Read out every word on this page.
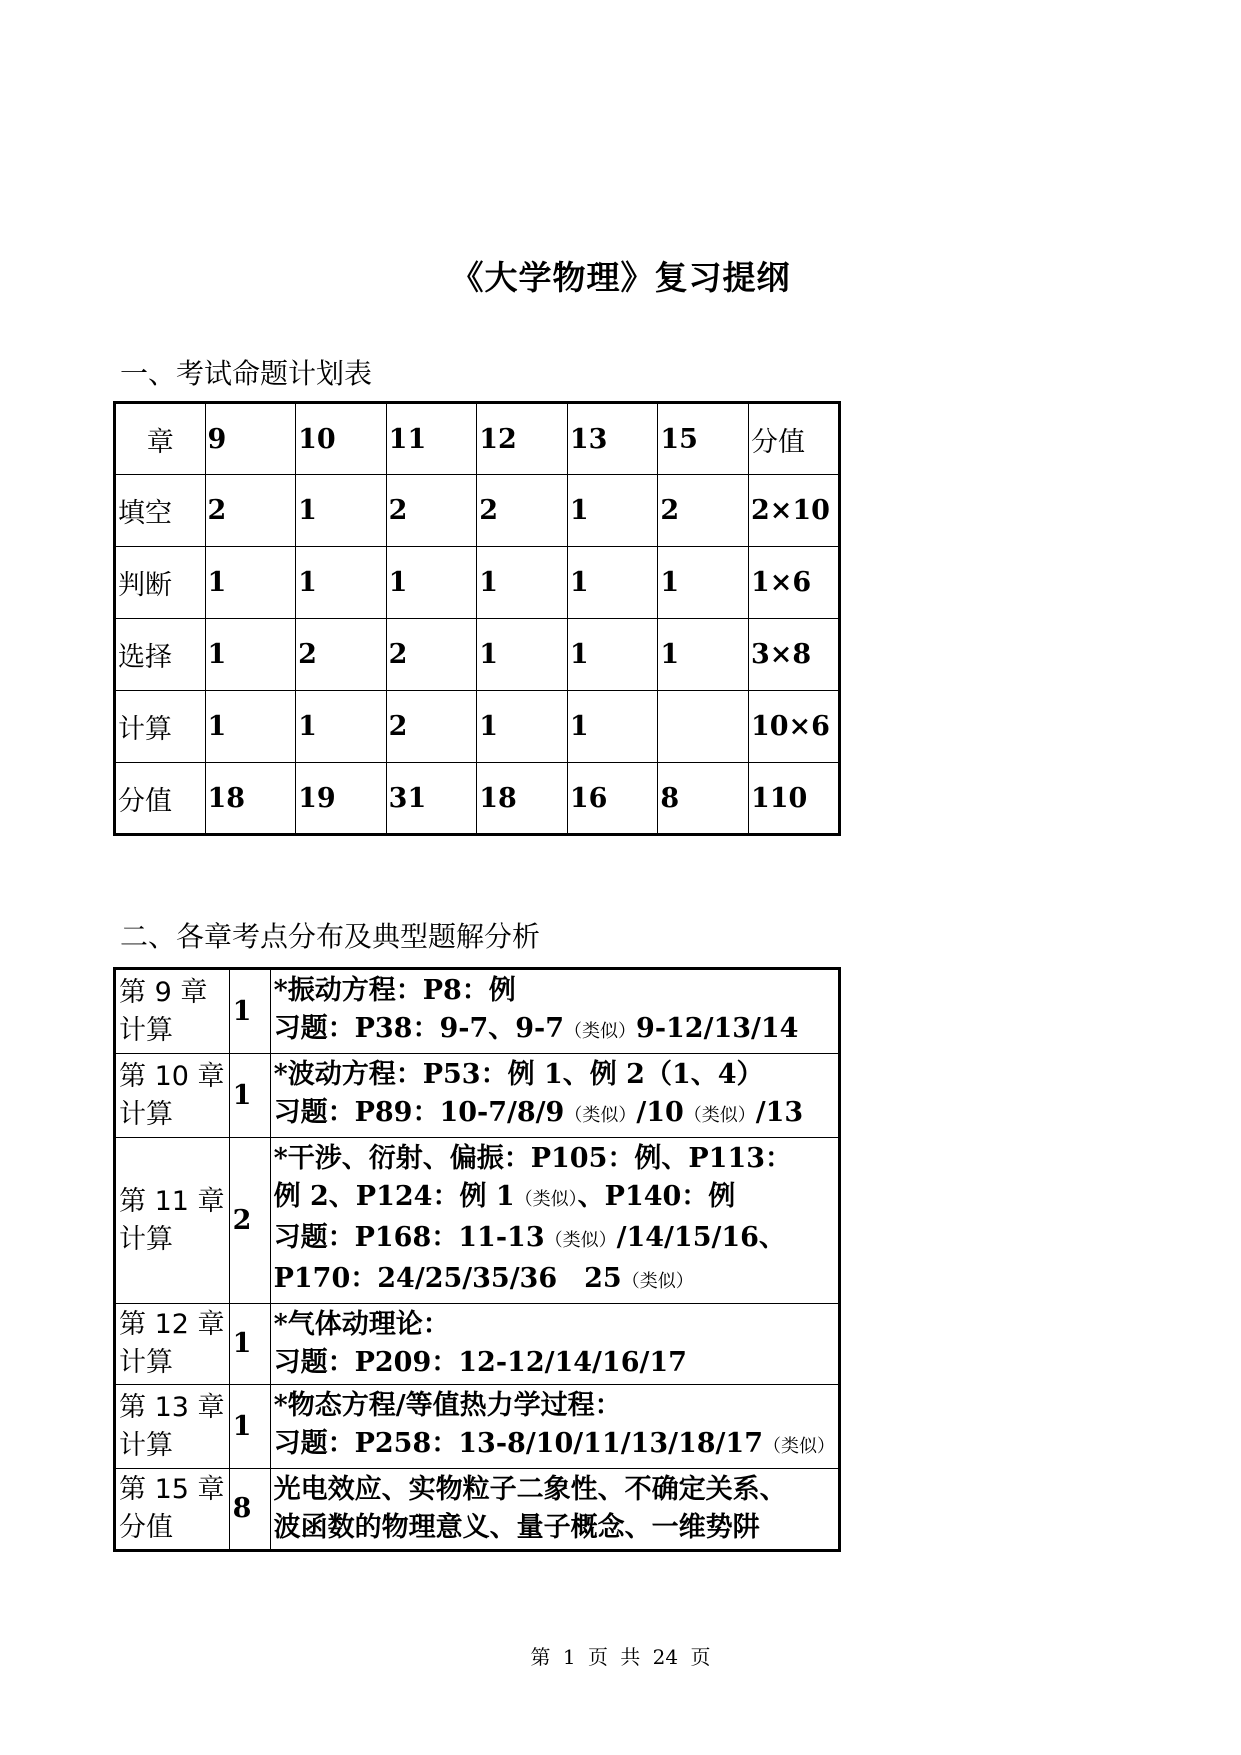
《大学物理》复习提纲
一、考试命题计划表
章	9	10	11	12	13	15	分值
填空	2	1	2	2	1	2	2×10
判断	1	1	1	1	1	1	1×6
选择	1	2	2	1	1	1	3×8
计算	1	1	2	1	1		10×6
分值	18	19	31	18	16	8	110
二、各章考点分布及典型题解分析
第 9 章
计算	1	*振动方程：P8：例
习题：P38：9-7、9-7（类似）9-12/13/14

第 10 章
计算	1	*波动方程：P53：例 1、例 2（1、4）
习题：P89：10-7/8/9（类似）/10（类似）/13

第 11 章
计算	2	*干涉、衍射、偏振：P105：例、P113：
例 2、P124：例 1（类似）、P140：例
习题：P168：11-13（类似）/14/15/16、
P170：24/25/35/36　25（类似）

第 12 章
计算	1	*气体动理论：
习题：P209：12-12/14/16/17

第 13 章
计算	1	*物态方程/等值热力学过程：
习题：P258：13-8/10/11/13/18/17（类似）

第 15 章
分值	8	光电效应、实物粒子二象性、不确定关系、
波函数的物理意义、量子概念、一维势阱
第 1 页 共 24 页
